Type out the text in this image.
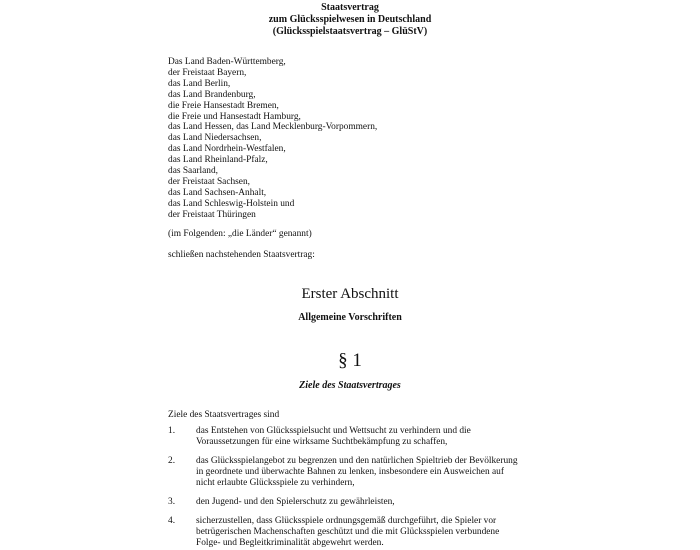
Staatsvertrag
zum Glücksspielwesen in Deutschland
(Glücksspielstaatsvertrag – GlüStV)
Das Land Baden-Württemberg,
der Freistaat Bayern,
das Land Berlin,
das Land Brandenburg,
die Freie Hansestadt Bremen,
die Freie und Hansestadt Hamburg,
das Land Hessen, das Land Mecklenburg-Vorpommern,
das Land Niedersachsen,
das Land Nordrhein-Westfalen,
das Land Rheinland-Pfalz,
das Saarland,
der Freistaat Sachsen,
das Land Sachsen-Anhalt,
das Land Schleswig-Holstein und
der Freistaat Thüringen
(im Folgenden: „die Länder“ genannt)
schließen nachstehenden Staatsvertrag:
Erster Abschnitt
Allgemeine Vorschriften
§ 1
Ziele des Staatsvertrages
Ziele des Staatsvertrages sind
1.	das Entstehen von Glücksspielsucht und Wettsucht zu verhindern und die
Voraussetzungen für eine wirksame Suchtbekämpfung zu schaffen,
2.	das Glücksspielangebot zu begrenzen und den natürlichen Spieltrieb der Bevölkerung
in geordnete und überwachte Bahnen zu lenken, insbesondere ein Ausweichen auf
nicht erlaubte Glücksspiele zu verhindern,
3.	den Jugend- und den Spielerschutz zu gewährleisten,
4.	sicherzustellen, dass Glücksspiele ordnungsgemäß durchgeführt, die Spieler vor
betrügerischen Machenschaften geschützt und die mit Glücksspielen verbundene
Folge- und Begleitkriminalität abgewehrt werden.
